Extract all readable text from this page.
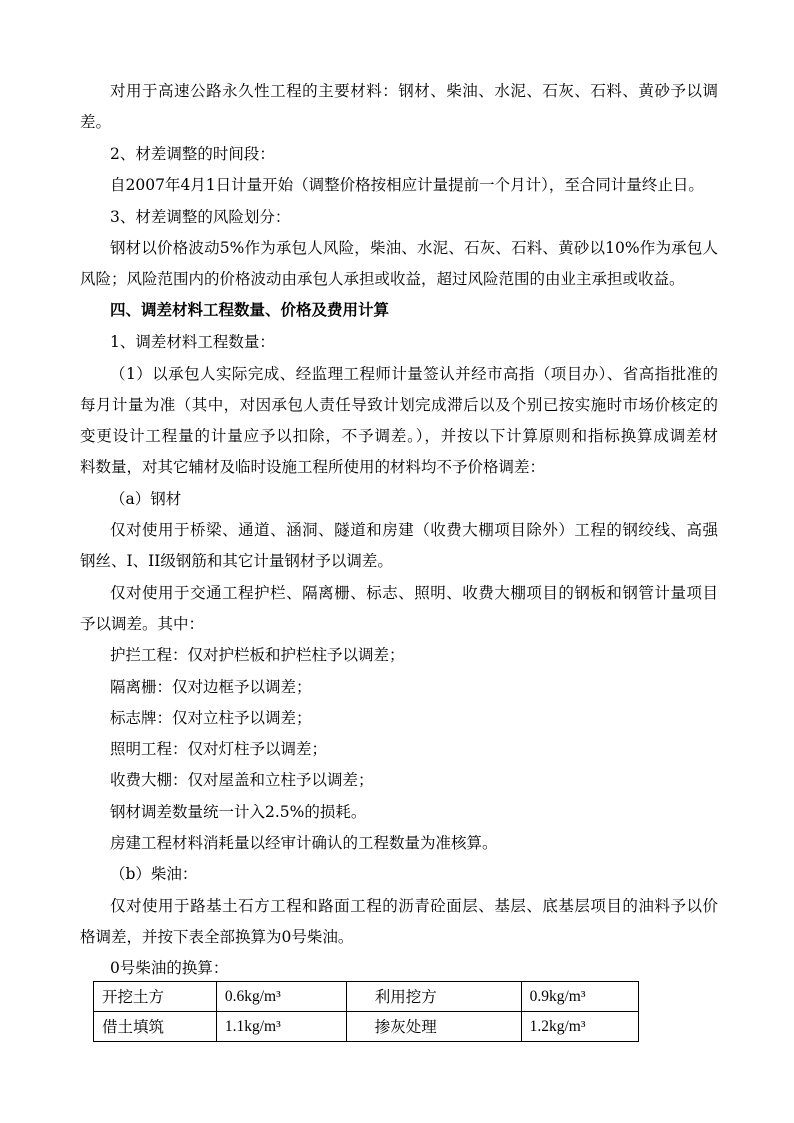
对用于高速公路永久性工程的主要材料：钢材、柴油、水泥、石灰、石料、黄砂予以调
差。
2、材差调整的时间段：
自2007年4月1日计量开始（调整价格按相应计量提前一个月计），至合同计量终止日。
3、材差调整的风险划分：
钢材以价格波动5%作为承包人风险，柴油、水泥、石灰、石料、黄砂以10%作为承包人
风险；风险范围内的价格波动由承包人承担或收益，超过风险范围的由业主承担或收益。
四、调差材料工程数量、价格及费用计算
1、调差材料工程数量：
（1）以承包人实际完成、经监理工程师计量签认并经市高指（项目办）、省高指批准的
每月计量为准（其中，对因承包人责任导致计划完成滞后以及个别已按实施时市场价核定的
变更设计工程量的计量应予以扣除，不予调差。），并按以下计算原则和指标换算成调差材
料数量，对其它辅材及临时设施工程所使用的材料均不予价格调差：
（a）钢材
仅对使用于桥梁、通道、涵洞、隧道和房建（收费大棚项目除外）工程的钢绞线、高强
钢丝、I、II级钢筋和其它计量钢材予以调差。
仅对使用于交通工程护栏、隔离栅、标志、照明、收费大棚项目的钢板和钢管计量项目
予以调差。其中：
护拦工程：仅对护栏板和护栏柱予以调差；
隔离栅：仅对边框予以调差；
标志牌：仅对立柱予以调差；
照明工程：仅对灯柱予以调差；
收费大棚：仅对屋盖和立柱予以调差；
钢材调差数量统一计入2.5%的损耗。
房建工程材料消耗量以经审计确认的工程数量为准核算。
（b）柴油：
仅对使用于路基土石方工程和路面工程的沥青砼面层、基层、底基层项目的油料予以价
格调差，并按下表全部换算为0号柴油。
0号柴油的换算：
开挖土方	0.6kg/m³	利用挖方	0.9kg/m³
借土填筑	1.1kg/m³	掺灰处理	1.2kg/m³
